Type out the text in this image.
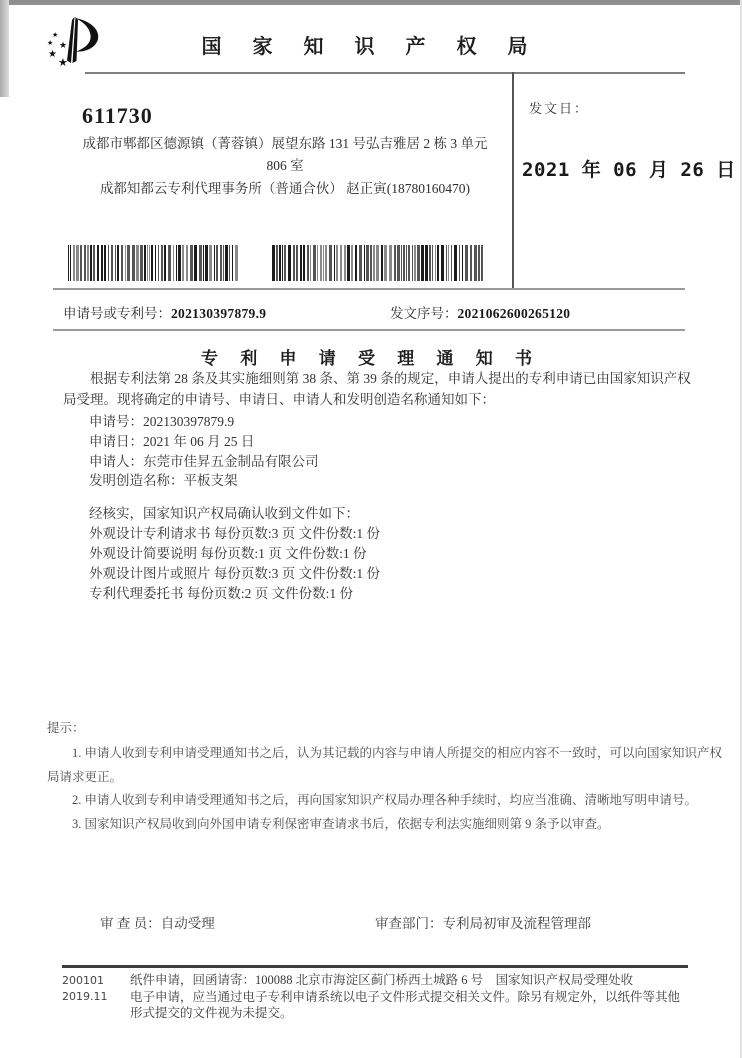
★
★ ★
★
★
国 家 知 识 产 权 局
611730
成都市郫都区德源镇（菁蓉镇）展望东路 131 号弘吉雅居 2 栋 3 单元
806 室
成都知都云专利代理事务所（普通合伙） 赵正寅(18780160470)
发文日：
2021 年 06 月 26 日
申请号或专利号：202130397879.9	发文序号：2021062600265120
专 利 申 请 受 理 通 知 书
根据专利法第 28 条及其实施细则第 38 条、第 39 条的规定，申请人提出的专利申请已由国家知识产权局受理。现将确定的申请号、申请日、申请人和发明创造名称通知如下：
申请号：202130397879.9
申请日：2021 年 06 月 25 日
申请人：东莞市佳昇五金制品有限公司
发明创造名称：平板支架
经核实，国家知识产权局确认收到文件如下：
外观设计专利请求书 每份页数:3 页 文件份数:1 份
外观设计简要说明 每份页数:1 页 文件份数:1 份
外观设计图片或照片 每份页数:3 页 文件份数:1 份
专利代理委托书 每份页数:2 页 文件份数:1 份
提示：

1. 申请人收到专利申请受理通知书之后，认为其记载的内容与申请人所提交的相应内容不一致时，可以向国家知识产权局请求更正。

2. 申请人收到专利申请受理通知书之后，再向国家知识产权局办理各种手续时，均应当准确、清晰地写明申请号。

3. 国家知识产权局收到向外国申请专利保密审查请求书后，依据专利法实施细则第 9 条予以审查。

审 查 员：自动受理	审查部门：专利局初审及流程管理部
200101
2019.11

纸件申请，回函请寄：100088 北京市海淀区蓟门桥西土城路 6 号　国家知识产权局受理处收

电子申请，应当通过电子专利申请系统以电子文件形式提交相关文件。除另有规定外，以纸件等其他形式提交的文件视为未提交。
